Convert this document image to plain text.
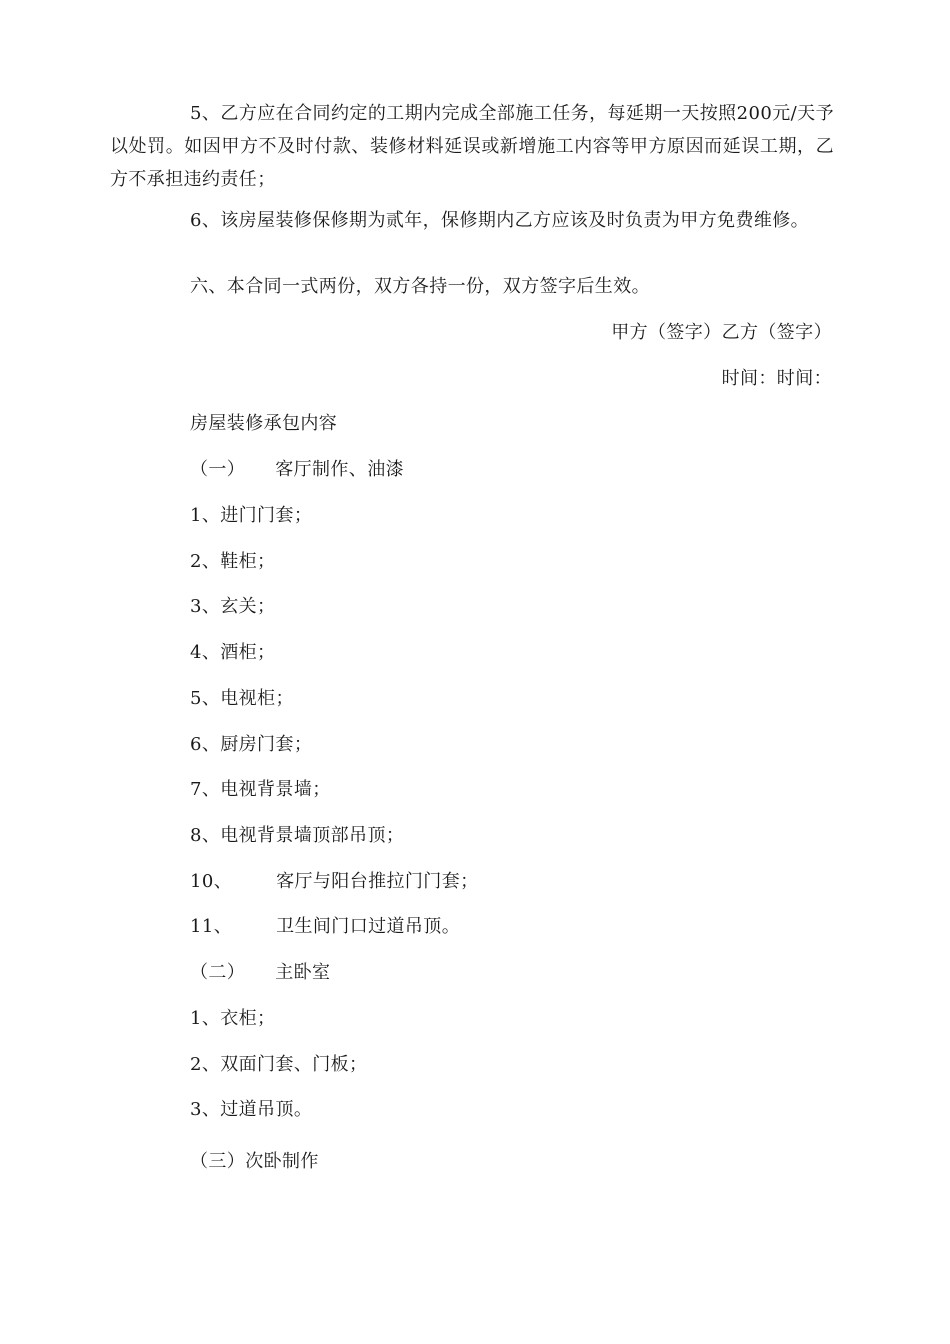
5、乙方应在合同约定的工期内完成全部施工任务，每延期一天按照200元/天予以处罚。如因甲方不及时付款、装修材料延误或新增施工内容等甲方原因而延误工期，乙方不承担违约责任；

6、该房屋装修保修期为贰年，保修期内乙方应该及时负责为甲方免费维修。

六、本合同一式两份，双方各持一份，双方签字后生效。

甲方（签字）乙方（签字）

时间：时间：

房屋装修承包内容

（一） 客厅制作、油漆

1、进门门套；

2、鞋柜；

3、玄关；

4、酒柜；

5、电视柜；

6、厨房门套；

7、电视背景墙；

8、电视背景墙顶部吊顶；

10、 客厅与阳台推拉门门套；

11、 卫生间门口过道吊顶。

（二） 主卧室

1、衣柜；

2、双面门套、门板；

3、过道吊顶。

（三）次卧制作
